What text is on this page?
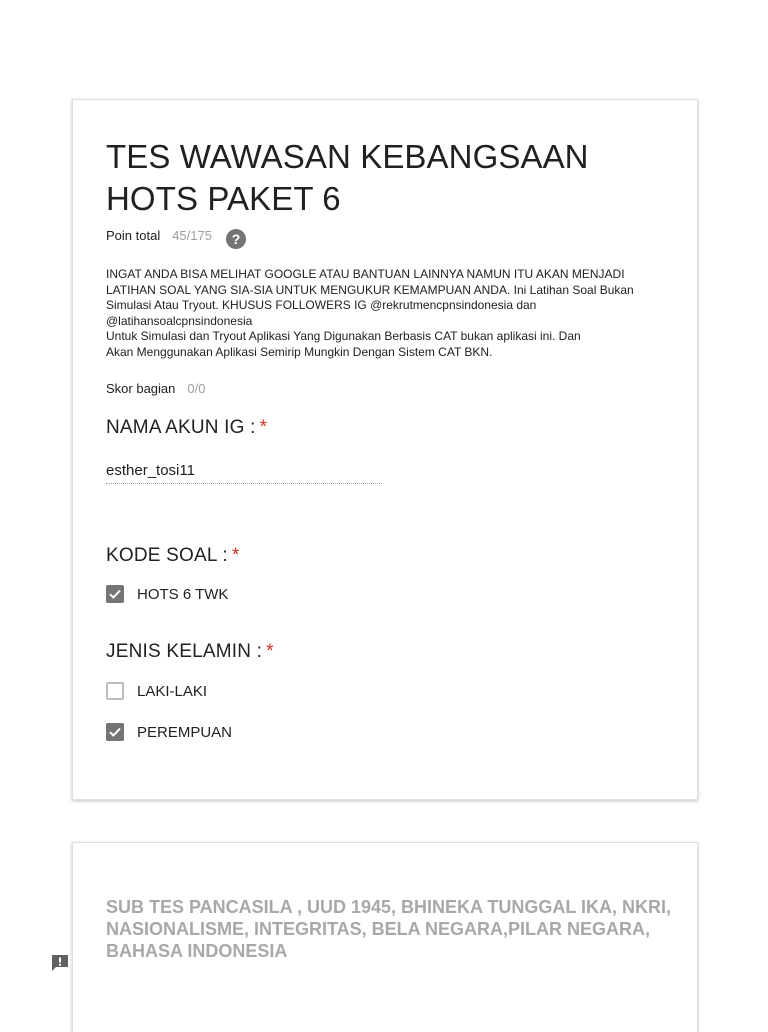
TES WAWASAN KEBANGSAAN HOTS PAKET 6
Poin total 45/175	?

INGAT ANDA BISA MELIHAT GOOGLE ATAU BANTUAN LAINNYA NAMUN ITU AKAN MENJADI
LATIHAN SOAL YANG SIA-SIA UNTUK MENGUKUR KEMAMPUAN ANDA. Ini Latihan Soal Bukan
Simulasi Atau Tryout. KHUSUS FOLLOWERS IG @rekrutmencpnsindonesia dan
@latihansoalcpnsindonesia
Untuk Simulasi dan Tryout Aplikasi Yang Digunakan Berbasis CAT bukan aplikasi ini. Dan
Akan Menggunakan Aplikasi Semirip Mungkin Dengan Sistem CAT BKN.

Skor bagian 0/0
NAMA AKUN IG : *
esther_tosi11
KODE SOAL : *
HOTS 6 TWK
JENIS KELAMIN : *
LAKI-LAKI
PEREMPUAN
SUB TES PANCASILA , UUD 1945, BHINEKA TUNGGAL IKA, NKRI, NASIONALISME, INTEGRITAS, BELA NEGARA,PILAR NEGARA, BAHASA INDONESIA
